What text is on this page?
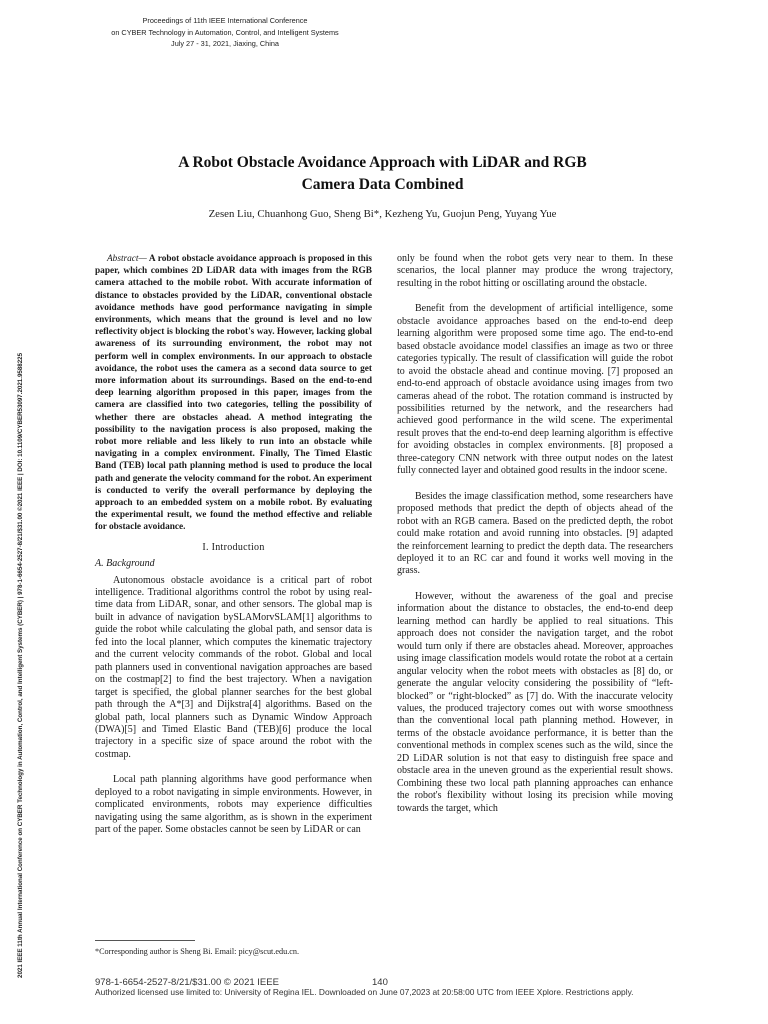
2021 IEEE 11th Annual International Conference on CYBER Technology in Automation, Control, and Intelligent Systems (CYBER) | 978-1-6654-2527-8/21/$31.00 ©2021 IEEE | DOI: 10.1109/CYBER53097.2021.9588225
Proceedings of 11th IEEE International Conference
on CYBER Technology in Automation, Control, and Intelligent Systems
July 27 - 31, 2021, Jiaxing, China
A Robot Obstacle Avoidance Approach with LiDAR and RGB
Camera Data Combined
Zesen Liu, Chuanhong Guo, Sheng Bi*, Kezheng Yu, Guojun Peng, Yuyang Yue

Abstract— A robot obstacle avoidance approach is proposed in this paper, which combines 2D LiDAR data with images from the RGB camera attached to the mobile robot. With accurate information of distance to obstacles provided by the LiDAR, conventional obstacle avoidance methods have good performance navigating in simple environments, which means that the ground is level and no low reflectivity object is blocking the robot's way. However, lacking global awareness of its surrounding environment, the robot may not perform well in complex environments. In our approach to obstacle avoidance, the robot uses the camera as a second data source to get more information about its surroundings. Based on the end-to-end deep learning algorithm proposed in this paper, images from the camera are classified into two categories, telling the possibility of whether there are obstacles ahead. A method integrating the possibility to the navigation process is also proposed, making the robot more reliable and less likely to run into an obstacle while navigating in a complex environment. Finally, The Timed Elastic Band (TEB) local path planning method is used to produce the local path and generate the velocity command for the robot. An experiment is conducted to verify the overall performance by deploying the approach to an embedded system on a mobile robot. By evaluating the experimental result, we found the method effective and reliable for obstacle avoidance.

I. Introduction
A. Background

Autonomous obstacle avoidance is a critical part of robot intelligence. Traditional algorithms control the robot by using real-time data from LiDAR, sonar, and other sensors. The global map is built in advance of navigation bySLAMorvSLAM[1] algorithms to guide the robot while calculating the global path, and sensor data is fed into the local planner, which computes the kinematic trajectory and the current velocity commands of the robot. Global and local path planners used in conventional navigation approaches are based on the costmap[2] to find the best trajectory. When a navigation target is specified, the global planner searches for the best global path through the A*[3] and Dijkstra[4] algorithms. Based on the global path, local planners such as Dynamic Window Approach (DWA)[5] and Timed Elastic Band (TEB)[6] produce the local trajectory in a specific size of space around the robot with the costmap.

Local path planning algorithms have good performance when deployed to a robot navigating in simple environments. However, in complicated environments, robots may experience difficulties navigating using the same algorithm, as is shown in the experiment part of the paper. Some obstacles cannot be seen by LiDAR or can

only be found when the robot gets very near to them. In these scenarios, the local planner may produce the wrong trajectory, resulting in the robot hitting or oscillating around the obstacle.

Benefit from the development of artificial intelligence, some obstacle avoidance approaches based on the end-to-end deep learning algorithm were proposed some time ago. The end-to-end based obstacle avoidance model classifies an image as two or three categories typically. The result of classification will guide the robot to avoid the obstacle ahead and continue moving. [7] proposed an end-to-end approach of obstacle avoidance using images from two cameras ahead of the robot. The rotation command is instructed by possibilities returned by the network, and the researchers had achieved good performance in the wild scene. The experimental result proves that the end-to-end deep learning algorithm is effective for avoiding obstacles in complex environments. [8] proposed a three-category CNN network with three output nodes on the latest fully connected layer and obtained good results in the indoor scene.

Besides the image classification method, some researchers have proposed methods that predict the depth of objects ahead of the robot with an RGB camera. Based on the predicted depth, the robot could make rotation and avoid running into obstacles. [9] adapted the reinforcement learning to predict the depth data. The researchers deployed it to an RC car and found it works well moving in the grass.

However, without the awareness of the goal and precise information about the distance to obstacles, the end-to-end deep learning method can hardly be applied to real situations. This approach does not consider the navigation target, and the robot would turn only if there are obstacles ahead. Moreover, approaches using image classification models would rotate the robot at a certain angular velocity when the robot meets with obstacles as [8] do, or generate the angular velocity considering the possibility of “left-blocked” or “right-blocked” as [7] do. With the inaccurate velocity values, the produced trajectory comes out with worse smoothness than the conventional local path planning method. However, in terms of the obstacle avoidance performance, it is better than the conventional methods in complex scenes such as the wild, since the 2D LiDAR solution is not that easy to distinguish free space and obstacle area in the uneven ground as the experiential result shows. Combining these two local path planning approaches can enhance the robot's flexibility without losing its precision while moving towards the target, which

*Corresponding author is Sheng Bi. Email: picy@scut.edu.cn.
978-1-6654-2527-8/21/$31.00 © 2021 IEEE	140
Authorized licensed use limited to: University of Regina IEL. Downloaded on June 07,2023 at 20:58:00 UTC from IEEE Xplore. Restrictions apply.
